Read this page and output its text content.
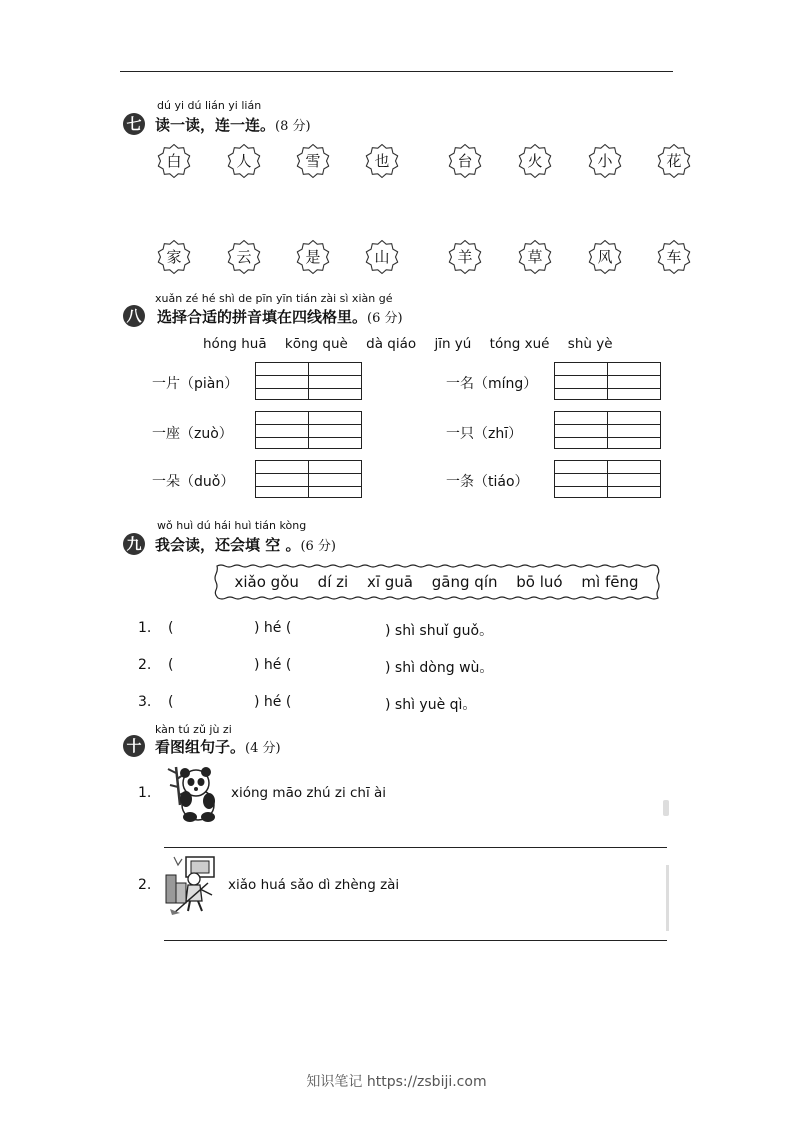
dú yi dú lián yi lián
七 读一读，连一连。(8 分)
白	人	雪	也	台	火	小	花
家	云	是	山	羊	草	风	车
xuǎn zé hé shì de pīn yīn tián zài sì xiàn gé
八 选择合适的拼音填在四线格里。(6 分)
hóng huā kōng què dà qiáo jīn yú tóng xué shù yè
一片（piàn）
一座（zuò）
一朵（duǒ）
一名（míng）
一只（zhī）
一条（tiáo）
wǒ huì dú hái huì tián kòng
九 我会读，还会填 空 。(6 分)
xiǎo gǒu dí zi xī guā gāng qín bō luó mì fēng
1. (	) hé (	) shì shuǐ guǒ。
2. (	) hé (	) shì dòng wù。
3. (	) hé (	) shì yuè qì。
kàn tú zǔ jù zi
十 看图组句子。(4 分)
1.	xióng māo zhú zi chī ài
2.	xiǎo huá sǎo dì zhèng zài
知识笔记 https://zsbiji.com
